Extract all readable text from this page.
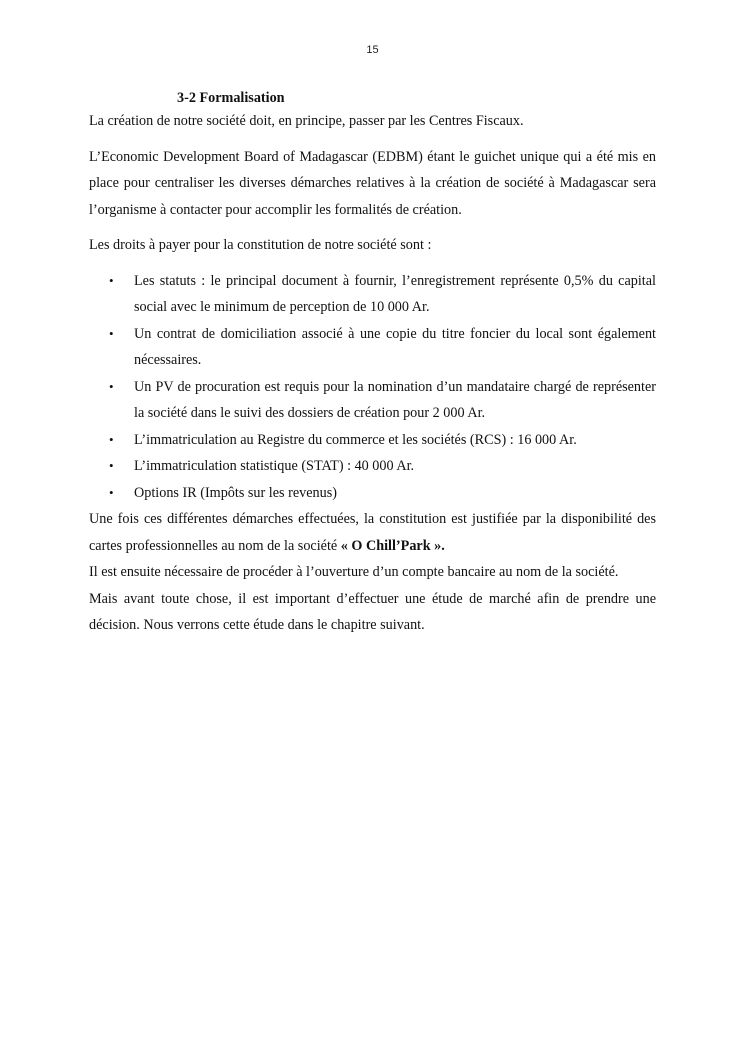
15
3-2 Formalisation

La création de notre société doit, en principe, passer par les Centres Fiscaux.

L’Economic Development Board of Madagascar (EDBM) étant le guichet unique qui a été mis en place pour centraliser les diverses démarches relatives à la création de société à Madagascar sera l’organisme à contacter pour accomplir les formalités de création.

Les droits à payer pour la constitution de notre société sont :

• Les statuts : le principal document à fournir, l’enregistrement représente 0,5% du capital social avec le minimum de perception de 10 000 Ar.
• Un contrat de domiciliation associé à une copie du titre foncier du local sont également nécessaires.
• Un PV de procuration est requis pour la nomination d’un mandataire chargé de représenter la société dans le suivi des dossiers de création pour 2 000 Ar.
• L’immatriculation au Registre du commerce et les sociétés (RCS) : 16 000 Ar.
• L’immatriculation statistique (STAT) : 40 000 Ar.
• Options IR (Impôts sur les revenus)

Une fois ces différentes démarches effectuées, la constitution est justifiée par la disponibilité des cartes professionnelles au nom de la société « O Chill’Park ».

Il est ensuite nécessaire de procéder à l’ouverture d’un compte bancaire au nom de la société.

Mais avant toute chose, il est important d’effectuer une étude de marché afin de prendre une décision. Nous verrons cette étude dans le chapitre suivant.
